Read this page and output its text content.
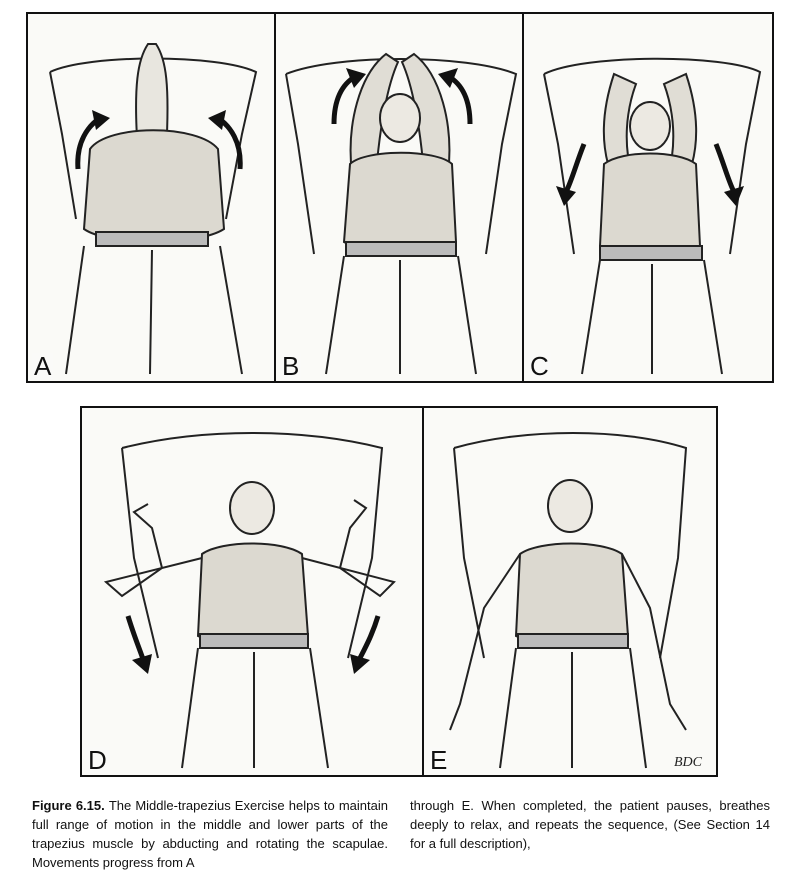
A	B	C
D	E	BDC
Figure 6.15. The Middle-trapezius Exercise helps to maintain full range of motion in the middle and lower parts of the trapezius muscle by abducting and rotating the scapulae. Movements progress from A
through E. When completed, the patient pauses, breathes deeply to relax, and repeats the sequence, (See Section 14 for a full description),
